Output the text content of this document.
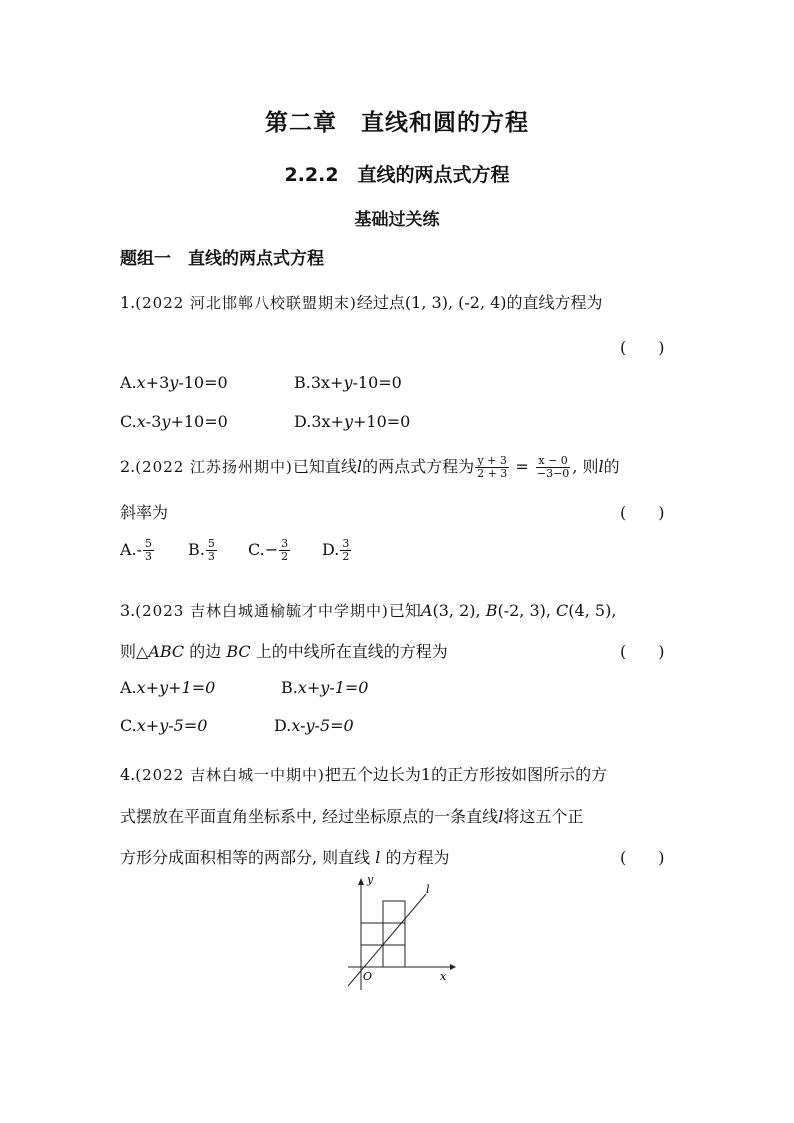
第二章　直线和圆的方程
2.2.2　直线的两点式方程
基础过关练
题组一　直线的两点式方程
1.(2022 河北邯郸八校联盟期末)经过点(1, 3), (-2, 4)的直线方程为
(　　)
A.x+3y-10=0	B.3x+y-10=0
C.x-3y+10=0	D.3x+y+10=0
2.(2022 江苏扬州期中)已知直线l的两点式方程为 $\frac{y + 3}{2 + 3} = \frac{x - 0}{-3-0}$ , 则l的
斜率为	(　　)
$A.- \frac{5}{3} B$. $\frac{5}{3} C.- \frac{3}{2} D$. $\frac{3}{2}$
3.(2023 吉林白城通榆毓才中学期中)已知A(3, 2), B(-2, 3), C(4, 5),
则△ABC 的边 BC 上的中线所在直线的方程为	(　　)
A.x+y+1=0	B.x+y-1=0
C.x+y-5=0	D.x-y-5=0
4.(2022 吉林白城一中期中)把五个边长为1的正方形按如图所示的方
式摆放在平面直角坐标系中, 经过坐标原点的一条直线l将这五个正
方形分成面积相等的两部分, 则直线 l 的方程为	(　　)
y
x
O
l
